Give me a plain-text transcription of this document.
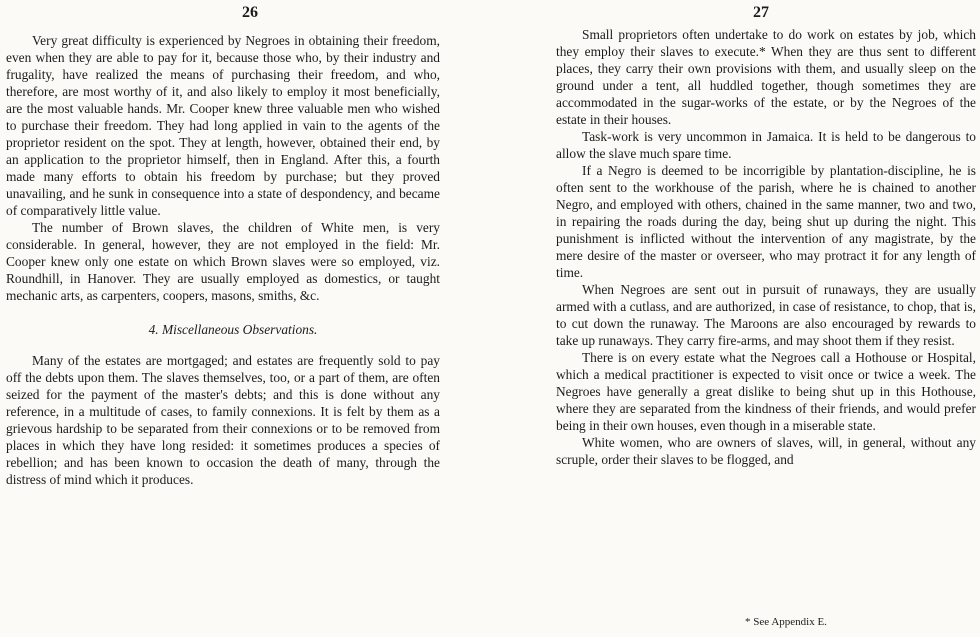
26

Very great difficulty is experienced by Negroes in obtaining their freedom, even when they are able to pay for it, because those who, by their industry and frugality, have realized the means of purchasing their freedom, and who, therefore, are most worthy of it, and also likely to employ it most beneficially, are the most valuable hands. Mr. Cooper knew three valuable men who wished to purchase their freedom. They had long applied in vain to the agents of the proprietor resident on the spot. They at length, however, obtained their end, by an application to the proprietor himself, then in England. After this, a fourth made many efforts to obtain his freedom by purchase; but they proved unavailing, and he sunk in consequence into a state of despondency, and became of comparatively little value.

The number of Brown slaves, the children of White men, is very considerable. In general, however, they are not employed in the field: Mr. Cooper knew only one estate on which Brown slaves were so employed, viz. Roundhill, in Hanover. They are usually employed as domestics, or taught mechanic arts, as carpenters, coopers, masons, smiths, &c.

4. Miscellaneous Observations.

Many of the estates are mortgaged; and estates are frequently sold to pay off the debts upon them. The slaves themselves, too, or a part of them, are often seized for the payment of the master's debts; and this is done without any reference, in a multitude of cases, to family connexions. It is felt by them as a grievous hardship to be separated from their connexions or to be removed from places in which they have long resided: it sometimes produces a species of rebellion; and has been known to occasion the death of many, through the distress of mind which it produces.

27

Small proprietors often undertake to do work on estates by job, which they employ their slaves to execute.* When they are thus sent to different places, they carry their own provisions with them, and usually sleep on the ground under a tent, all huddled together, though sometimes they are accommodated in the sugar-works of the estate, or by the Negroes of the estate in their houses.

Task-work is very uncommon in Jamaica. It is held to be dangerous to allow the slave much spare time.

If a Negro is deemed to be incorrigible by plantation-discipline, he is often sent to the workhouse of the parish, where he is chained to another Negro, and employed with others, chained in the same manner, two and two, in repairing the roads during the day, being shut up during the night. This punishment is inflicted without the intervention of any magistrate, by the mere desire of the master or overseer, who may protract it for any length of time.

When Negroes are sent out in pursuit of runaways, they are usually armed with a cutlass, and are authorized, in case of resistance, to chop, that is, to cut down the runaway. The Maroons are also encouraged by rewards to take up runaways. They carry fire-arms, and may shoot them if they resist.

There is on every estate what the Negroes call a Hothouse or Hospital, which a medical practitioner is expected to visit once or twice a week. The Negroes have generally a great dislike to being shut up in this Hothouse, where they are separated from the kindness of their friends, and would prefer being in their own houses, even though in a miserable state.

White women, who are owners of slaves, will, in general, without any scruple, order their slaves to be flogged, and

* See Appendix E.
